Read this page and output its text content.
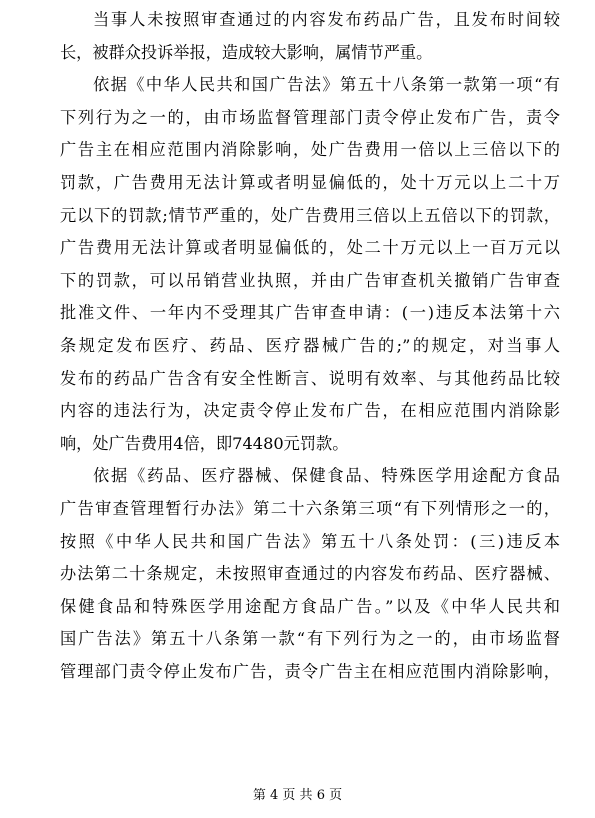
当事人未按照审查通过的内容发布药品广告，且发布时间较
长，被群众投诉举报，造成较大影响，属情节严重。
依据《中华人民共和国广告法》第五十八条第一款第一项“有
下列行为之一的，由市场监督管理部门责令停止发布广告，责令
广告主在相应范围内消除影响，处广告费用一倍以上三倍以下的
罚款，广告费用无法计算或者明显偏低的，处十万元以上二十万
元以下的罚款;情节严重的，处广告费用三倍以上五倍以下的罚款，
广告费用无法计算或者明显偏低的，处二十万元以上一百万元以
下的罚款，可以吊销营业执照，并由广告审查机关撤销广告审查
批准文件、一年内不受理其广告审查申请：(一)违反本法第十六
条规定发布医疗、药品、医疗器械广告的;”的规定，对当事人
发布的药品广告含有安全性断言、说明有效率、与其他药品比较
内容的违法行为，决定责令停止发布广告，在相应范围内消除影
响，处广告费用4倍，即74480元罚款。
依据《药品、医疗器械、保健食品、特殊医学用途配方食品
广告审查管理暂行办法》第二十六条第三项“有下列情形之一的，
按照《中华人民共和国广告法》第五十八条处罚：(三)违反本
办法第二十条规定，未按照审查通过的内容发布药品、医疗器械、
保健食品和特殊医学用途配方食品广告。”以及《中华人民共和
国广告法》第五十八条第一款“有下列行为之一的，由市场监督
管理部门责令停止发布广告，责令广告主在相应范围内消除影响，
第 4 页 共 6 页
